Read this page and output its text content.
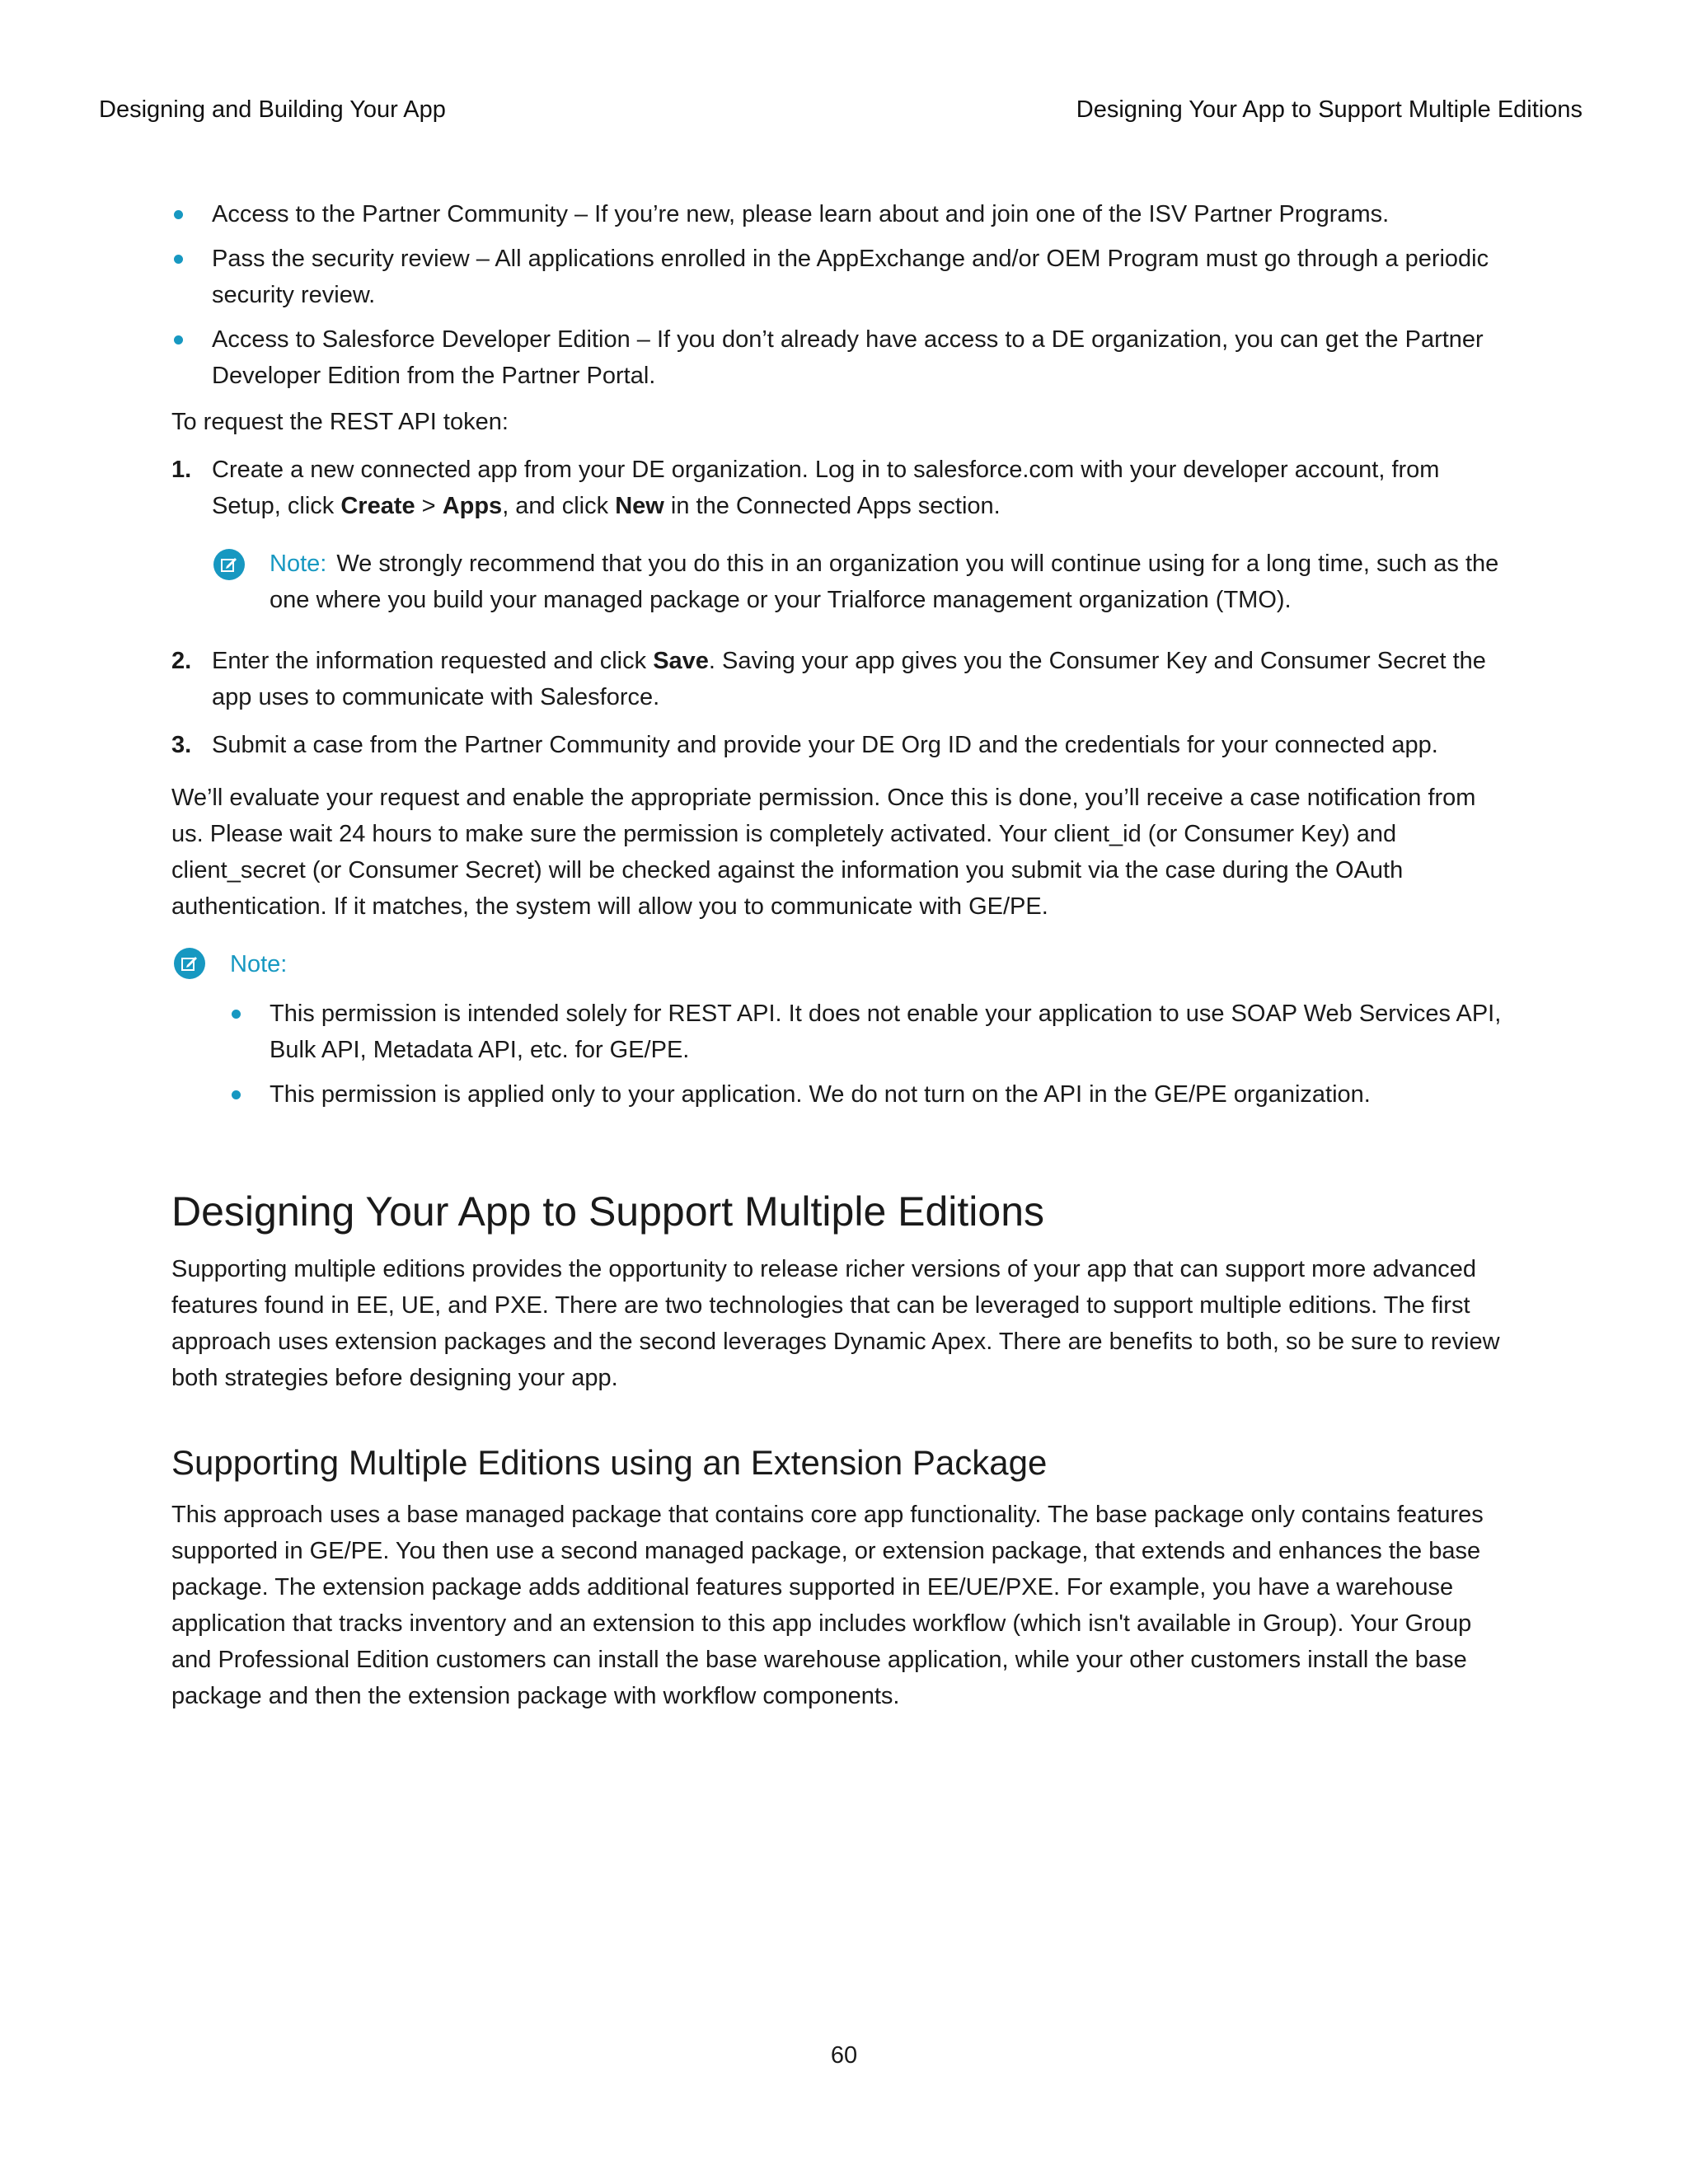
Designing and Building Your App	Designing Your App to Support Multiple Editions
Access to the Partner Community – If you’re new, please learn about and join one of the ISV Partner Programs.
Pass the security review – All applications enrolled in the AppExchange and/or OEM Program must go through a periodic security review.
Access to Salesforce Developer Edition – If you don’t already have access to a DE organization, you can get the Partner Developer Edition from the Partner Portal.

To request the REST API token:

1. Create a new connected app from your DE organization. Log in to salesforce.com with your developer account, from Setup, click Create > Apps, and click New in the Connected Apps section.

Note: We strongly recommend that you do this in an organization you will continue using for a long time, such as the one where you build your managed package or your Trialforce management organization (TMO).

2. Enter the information requested and click Save. Saving your app gives you the Consumer Key and Consumer Secret the app uses to communicate with Salesforce.
3. Submit a case from the Partner Community and provide your DE Org ID and the credentials for your connected app.

We’ll evaluate your request and enable the appropriate permission. Once this is done, you’ll receive a case notification from us. Please wait 24 hours to make sure the permission is completely activated. Your client_id (or Consumer Key) and client_secret (or Consumer Secret) will be checked against the information you submit via the case during the OAuth authentication. If it matches, the system will allow you to communicate with GE/PE.

Note:
This permission is intended solely for REST API. It does not enable your application to use SOAP Web Services API, Bulk API, Metadata API, etc. for GE/PE.
This permission is applied only to your application. We do not turn on the API in the GE/PE organization.
Designing Your App to Support Multiple Editions

Supporting multiple editions provides the opportunity to release richer versions of your app that can support more advanced features found in EE, UE, and PXE. There are two technologies that can be leveraged to support multiple editions. The first approach uses extension packages and the second leverages Dynamic Apex. There are benefits to both, so be sure to review both strategies before designing your app.

Supporting Multiple Editions using an Extension Package

This approach uses a base managed package that contains core app functionality. The base package only contains features supported in GE/PE. You then use a second managed package, or extension package, that extends and enhances the base package. The extension package adds additional features supported in EE/UE/PXE. For example, you have a warehouse application that tracks inventory and an extension to this app includes workflow (which isn't available in Group). Your Group and Professional Edition customers can install the base warehouse application, while your other customers install the base package and then the extension package with workflow components.

60
